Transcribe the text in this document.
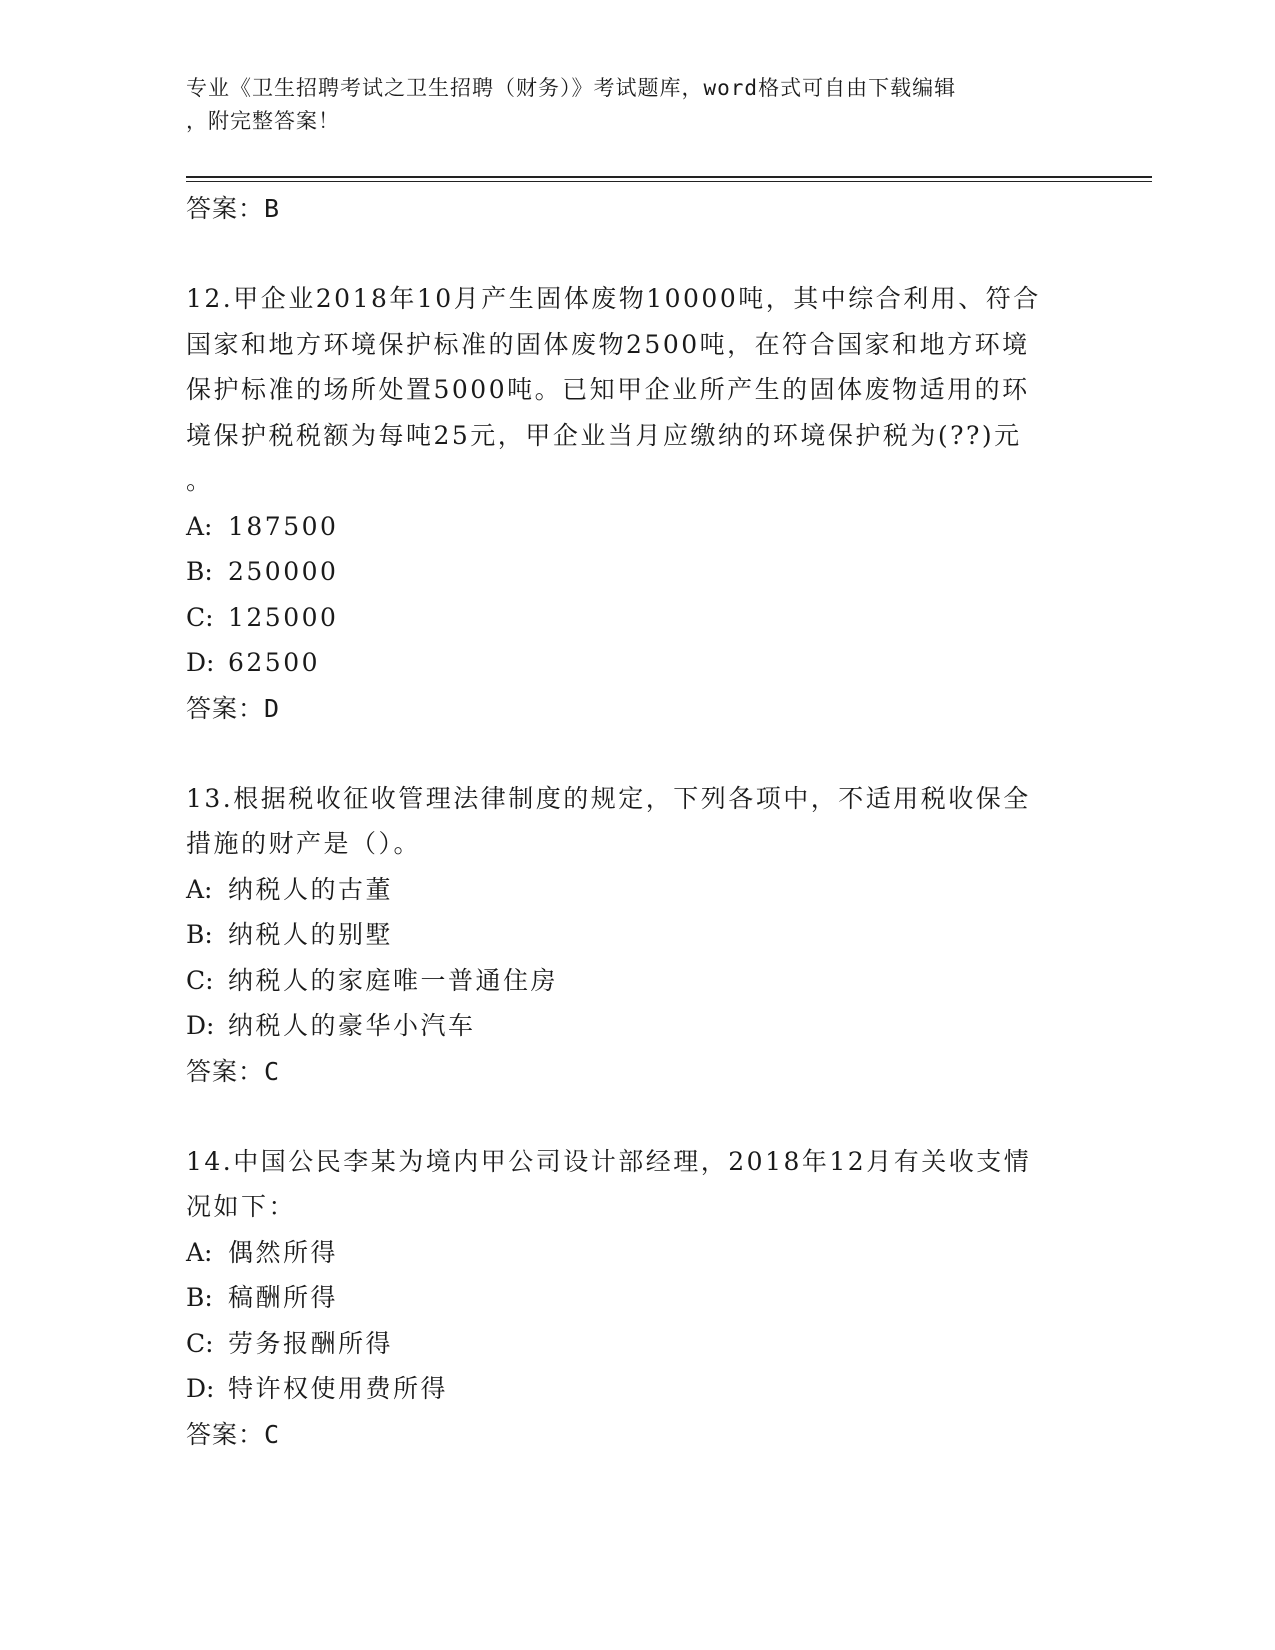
专业《卫生招聘考试之卫生招聘（财务）》考试题库，word格式可自由下载编辑
，附完整答案！
答案：B
12.甲企业2018年10月产生固体废物10000吨，其中综合利用、符合
国家和地方环境保护标准的固体废物2500吨，在符合国家和地方环境
保护标准的场所处置5000吨。已知甲企业所产生的固体废物适用的环
境保护税税额为每吨25元，甲企业当月应缴纳的环境保护税为(??)元
。
A: 187500
B: 250000
C: 125000
D: 62500
答案：D
13.根据税收征收管理法律制度的规定，下列各项中，不适用税收保全
措施的财产是（）。
A: 纳税人的古董
B: 纳税人的别墅
C: 纳税人的家庭唯一普通住房
D: 纳税人的豪华小汽车
答案：C
14.中国公民李某为境内甲公司设计部经理，2018年12月有关收支情
况如下：
A: 偶然所得
B: 稿酬所得
C: 劳务报酬所得
D: 特许权使用费所得
答案：C
